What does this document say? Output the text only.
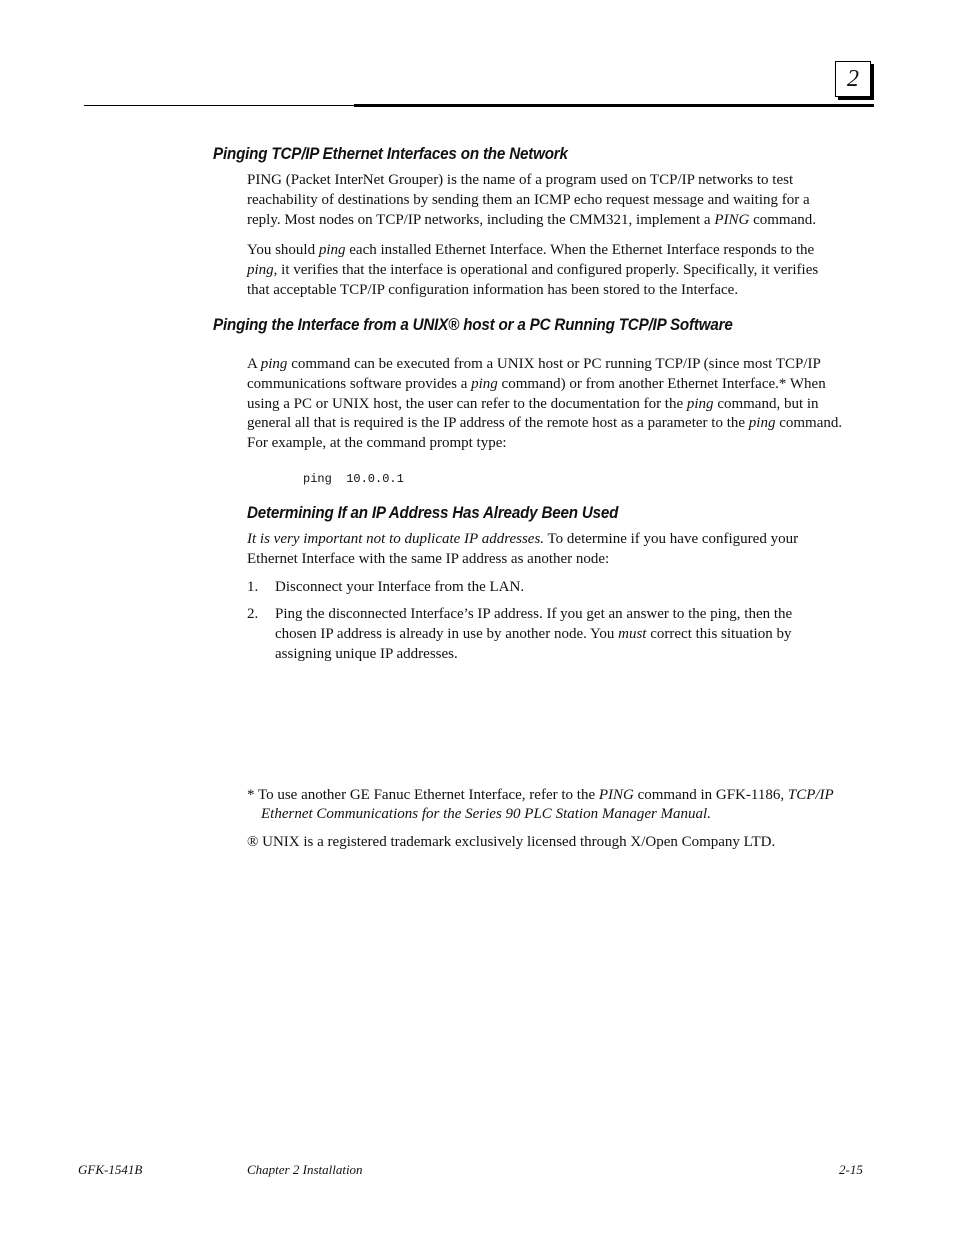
2
Pinging TCP/IP Ethernet Interfaces on the Network
PING (Packet InterNet Grouper) is the name of a program used on TCP/IP networks to test
reachability of destinations by sending them an ICMP echo request message and waiting for a
reply. Most nodes on TCP/IP networks, including the CMM321, implement a PING command.
You should ping each installed Ethernet Interface. When the Ethernet Interface responds to the
ping, it verifies that the interface is operational and configured properly. Specifically, it verifies
that acceptable TCP/IP configuration information has been stored to the Interface.
Pinging the Interface from a UNIX® host or a PC Running TCP/IP Software
A ping command can be executed from a UNIX host or PC running TCP/IP (since most TCP/IP
communications software provides a ping command) or from another Ethernet Interface.* When
using a PC or UNIX host, the user can refer to the documentation for the ping command, but in
general all that is required is the IP address of the remote host as a parameter to the ping command.
For example, at the command prompt type:
ping  10.0.0.1
Determining If an IP Address Has Already Been Used
It is very important not to duplicate IP addresses. To determine if you have configured your
Ethernet Interface with the same IP address as another node:
1. Disconnect your Interface from the LAN.
2. Ping the disconnected Interface’s IP address. If you get an answer to the ping, then the
chosen IP address is already in use by another node. You must correct this situation by
assigning unique IP addresses.
* To use another GE Fanuc Ethernet Interface, refer to the PING command in GFK-1186, TCP/IP
Ethernet Communications for the Series 90 PLC Station Manager Manual.
® UNIX is a registered trademark exclusively licensed through X/Open Company LTD.
GFK-1541B	Chapter 2 Installation	2-15
